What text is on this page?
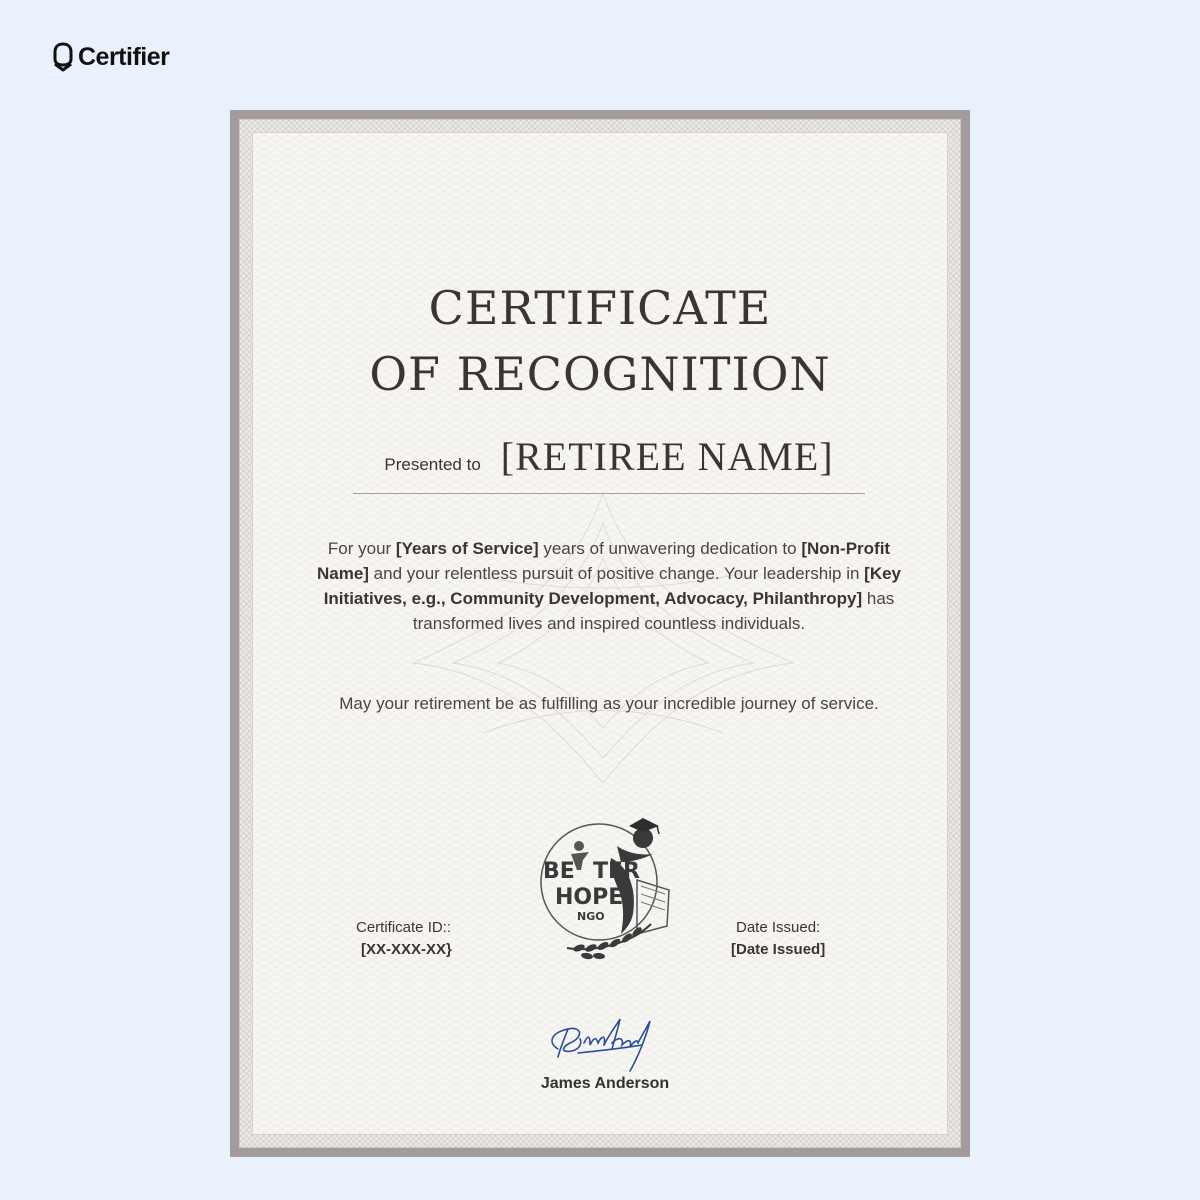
Certifier
CERTIFICATE
OF RECOGNITION
Presented to [RETIREE NAME]

For your [Years of Service] years of unwavering dedication to [Non-Profit Name] and your relentless pursuit of positive change. Your leadership in [Key Initiatives, e.g., Community Development, Advocacy, Philanthropy] has transformed lives and inspired countless individuals.

May your retirement be as fulfilling as your incredible journey of service.

BE TER
HOPE
NGO
Certificate ID::
[XX-XXX-XX}
Date Issued:
[Date Issued]
James Anderson
